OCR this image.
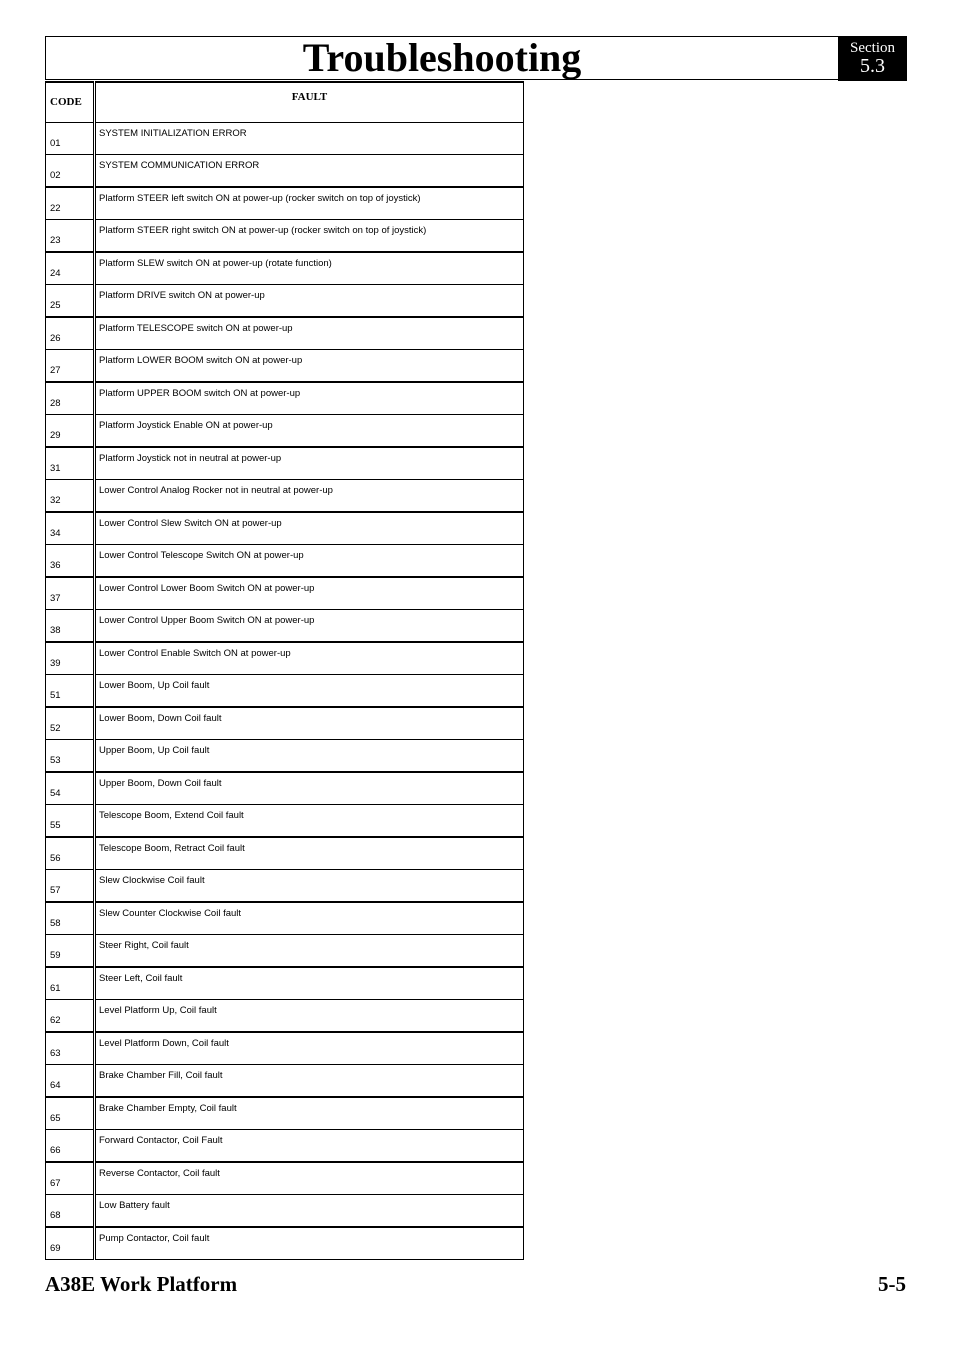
Troubleshooting	Section
5.3
CODE	FAULT
01	SYSTEM INITIALIZATION ERROR
02	SYSTEM COMMUNICATION ERROR
22	Platform STEER left switch ON at power-up (rocker switch on top of joystick)
23	Platform STEER right switch ON at power-up (rocker switch on top of joystick)
24	Platform SLEW switch ON at power-up (rotate function)
25	Platform DRIVE switch ON at power-up
26	Platform TELESCOPE switch ON at power-up
27	Platform LOWER BOOM switch ON at power-up
28	Platform UPPER BOOM switch ON at power-up
29	Platform Joystick Enable ON at power-up
31	Platform Joystick not in neutral at power-up
32	Lower Control Analog Rocker not in neutral at power-up
34	Lower Control Slew Switch ON at power-up
36	Lower Control Telescope Switch ON at power-up
37	Lower Control Lower Boom Switch ON at power-up
38	Lower Control Upper Boom Switch ON at power-up
39	Lower Control Enable Switch ON at power-up
51	Lower Boom, Up Coil fault
52	Lower Boom, Down Coil fault
53	Upper Boom, Up Coil fault
54	Upper Boom, Down Coil fault
55	Telescope Boom, Extend Coil fault
56	Telescope Boom, Retract Coil fault
57	Slew Clockwise Coil fault
58	Slew Counter Clockwise Coil fault
59	Steer Right, Coil fault
61	Steer Left, Coil fault
62	Level Platform Up, Coil fault
63	Level Platform Down, Coil fault
64	Brake Chamber Fill, Coil fault
65	Brake Chamber Empty, Coil fault
66	Forward Contactor, Coil Fault
67	Reverse Contactor, Coil fault
68	Low Battery fault
69	Pump Contactor, Coil fault
A38E Work Platform	5-5
